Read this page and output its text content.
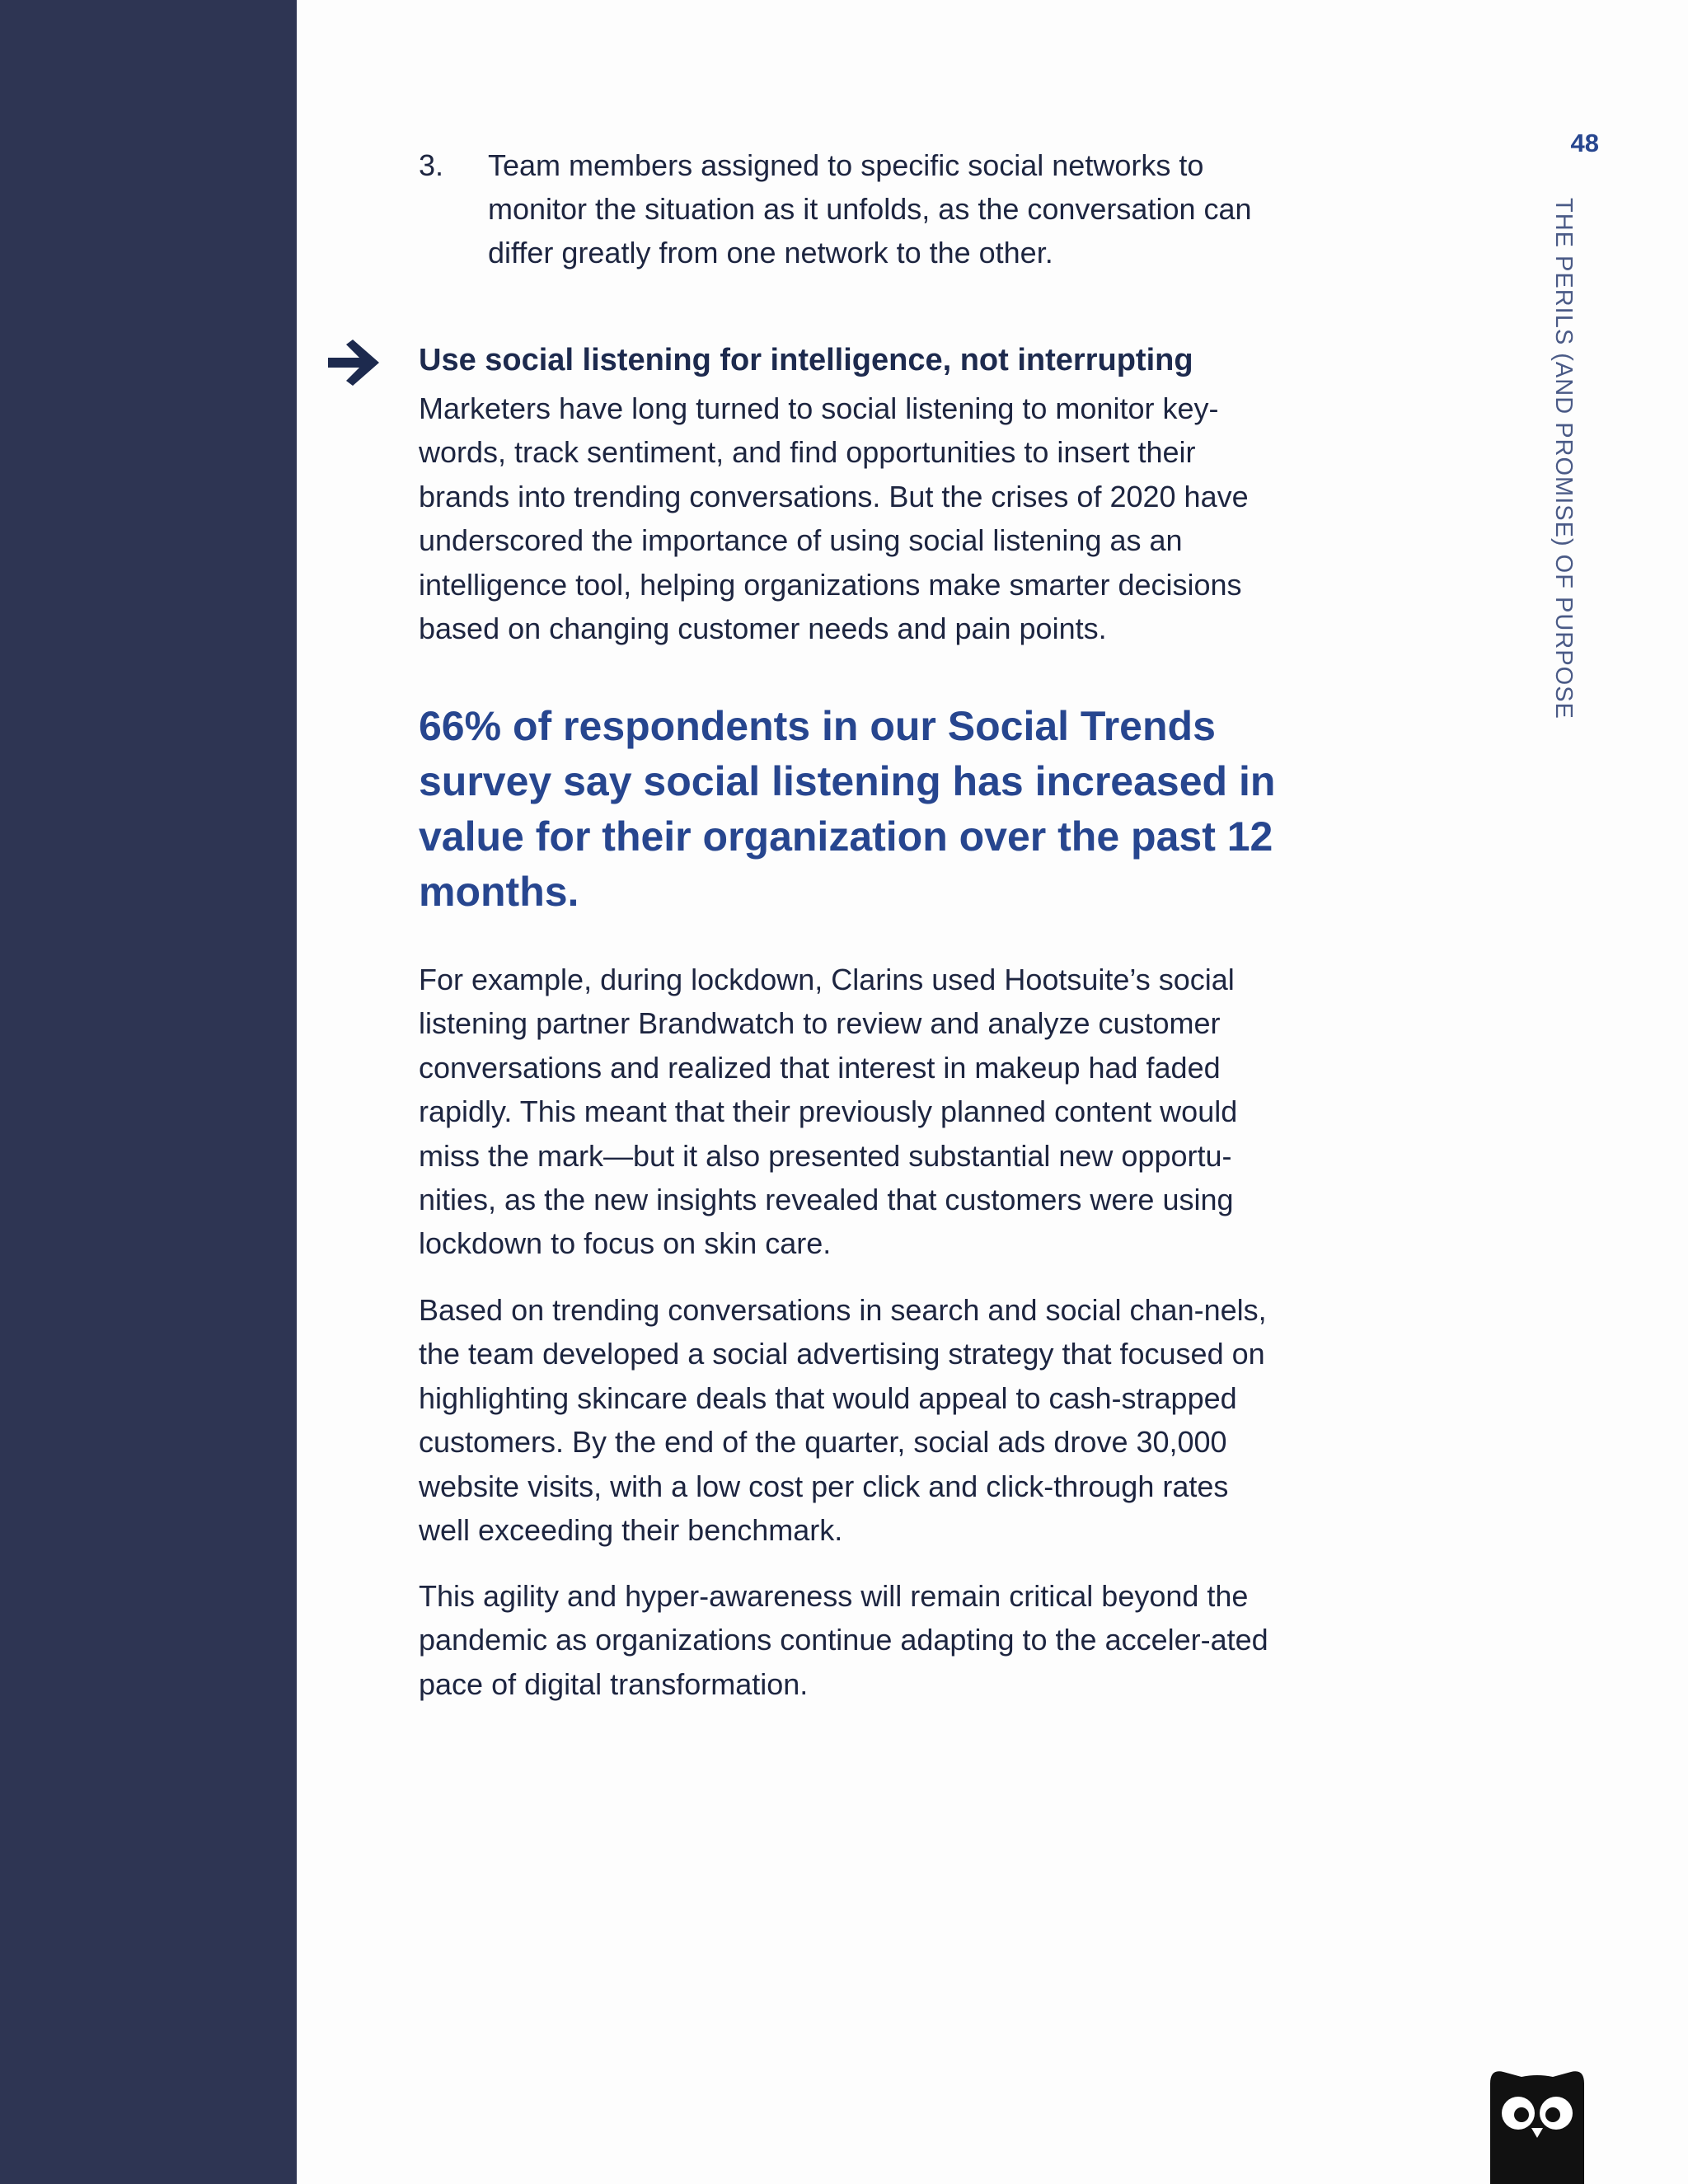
48
THE PERILS (AND PROMISE) OF PURPOSE
3. Team members assigned to specific social networks to monitor the situation as it unfolds, as the conversation can differ greatly from one network to the other.
Use social listening for intelligence, not interrupting

Marketers have long turned to social listening to monitor key-words, track sentiment, and find opportunities to insert their brands into trending conversations. But the crises of 2020 have underscored the importance of using social listening as an intelligence tool, helping organizations make smarter decisions based on changing customer needs and pain points.

66% of respondents in our Social Trends survey say social listening has increased in value for their organization over the past 12 months.

For example, during lockdown, Clarins used Hootsuite’s social listening partner Brandwatch to review and analyze customer conversations and realized that interest in makeup had faded rapidly. This meant that their previously planned content would miss the mark—but it also presented substantial new opportu-nities, as the new insights revealed that customers were using lockdown to focus on skin care.

Based on trending conversations in search and social chan-nels, the team developed a social advertising strategy that focused on highlighting skincare deals that would appeal to cash-strapped customers. By the end of the quarter, social ads drove 30,000 website visits, with a low cost per click and click-through rates well exceeding their benchmark.

This agility and hyper-awareness will remain critical beyond the pandemic as organizations continue adapting to the acceler-ated pace of digital transformation.
